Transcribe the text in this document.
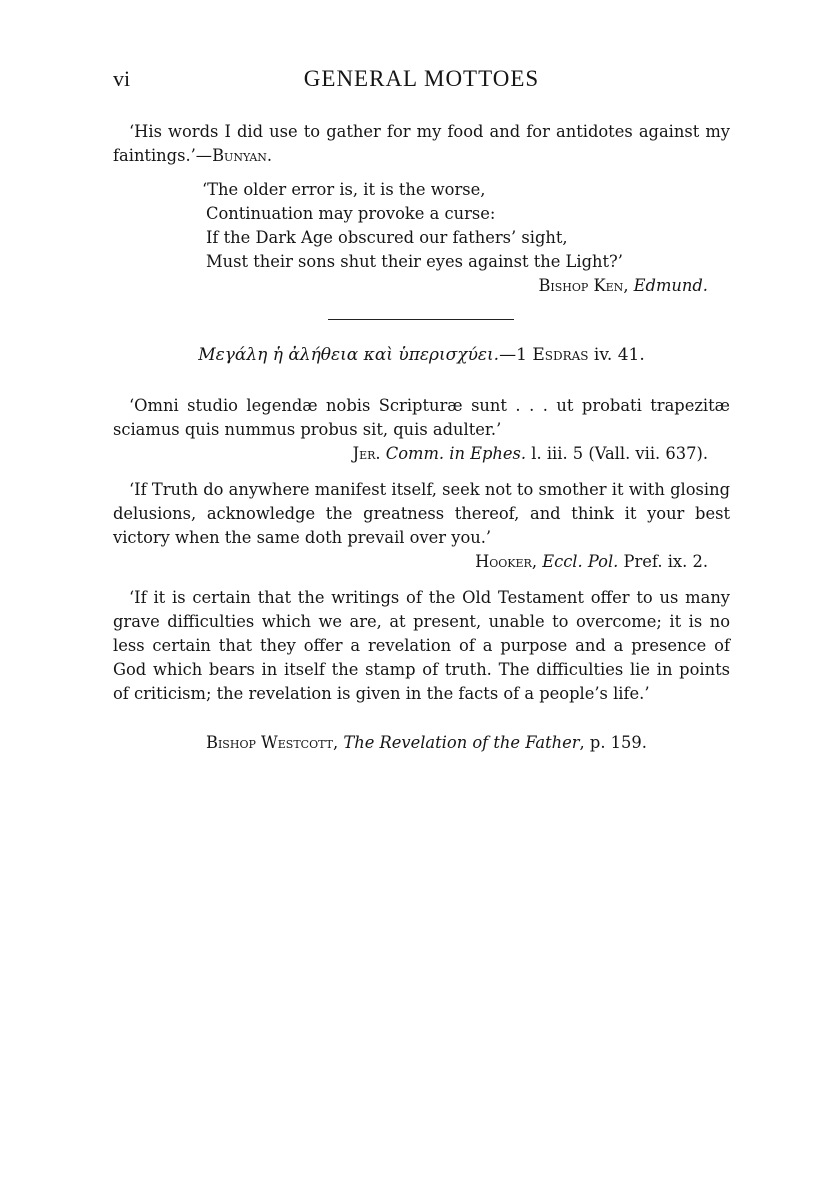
vi	GENERAL MOTTOES
‘His words I did use to gather for my food and for antidotes against my faintings.’—Bunyan.
‘The older error is, it is the worse,
Continuation may provoke a curse:
If the Dark Age obscured our fathers’ sight,
Must their sons shut their eyes against the Light?’
Bishop Ken, Edmund.
Μεγάλη ἡ ἀλήθεια καὶ ὑπερισχύει.—1 Esdras iv. 41.
‘Omni studio legendæ nobis Scripturæ sunt . . . ut probati trapezitæ sciamus quis nummus probus sit, quis adulter.’
Jer. Comm. in Ephes. l. iii. 5 (Vall. vii. 637).
‘If Truth do anywhere manifest itself, seek not to smother it with glosing delusions, acknowledge the greatness thereof, and think it your best victory when the same doth prevail over you.’
Hooker, Eccl. Pol. Pref. ix. 2.
‘If it is certain that the writings of the Old Testament offer to us many grave difficulties which we are, at present, unable to overcome; it is no less certain that they offer a revelation of a purpose and a presence of God which bears in itself the stamp of truth. The difficulties lie in points of criticism; the revelation is given in the facts of a people’s life.’
Bishop Westcott, The Revelation of the Father, p. 159.
